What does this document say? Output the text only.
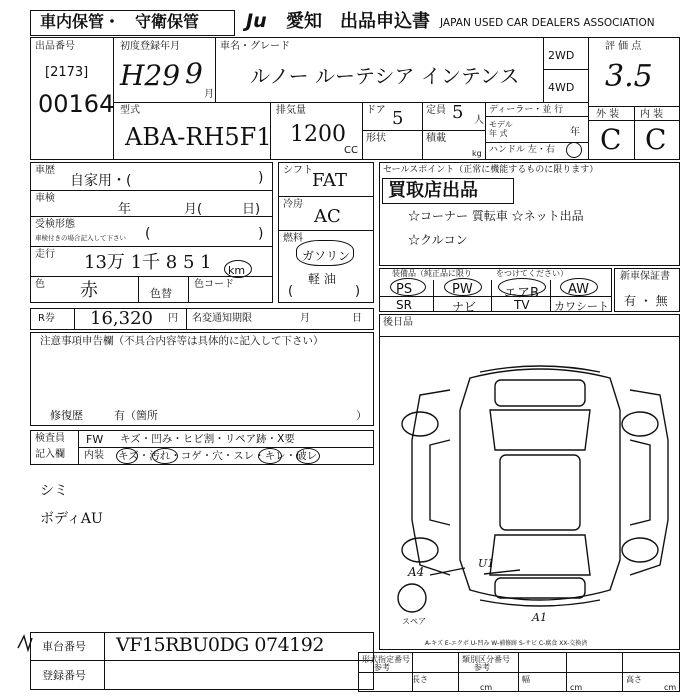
車内保管・ 守衛保管 Ju 愛知 出品申込書 JAPAN USED CAR DEALERS ASSOCIATION
出品番号
[2173]
00164
初度登録年月
H29 9
月
車名・グレード
ルノー ルーテシア インテンス
2WD
4WD
評 価 点
3.5
外 装 内 装
C C
型式
ABA-RH5F1
排気量
1200
CC
ドア 5
形状
定員 5 人
積載
kg
ディーラー・並 行
モデル
年 式	年
ハンドル 左・右
車歴
自家用・(	)
車検
年	月(	日)
受検形態
車検付きの場合記入して下さい (	)
走行 13万 1千 8 5 1 km
色 赤	色替
色コード
シフト FAT
冷房
AC
燃料
ガソリン
軽 油
(	)
セールスポイント（正常に機能するものに限ります）
買取店出品
☆コーナー 質転車 ☆ネット出品
☆クルコン
装備品（純正品に限り	をつけてください）
PS	PW エアB AW
SR	ナビ	TV カワシート
新車保証書
有 ・ 無
R券 16,320 円 名変通知期限	月	日
注意事項申告欄（不具合内容等は具体的に記入して下さい）
修復歴	有（箇所	）
後日品
A4
U1
A1
スペア
A-キズ E-エクボ U-凹み W-補修跡 S-サビ C-腐食 XX-交換済
検査員
記入欄
FW キズ・凹み・ヒビ割・リペア跡・X要
内装 キズ・汚れ・コゲ・穴・スレ・キレ・破レ
シミ
ボディAU
車台番号 VF15RBU0DG 074192
登録番号
形式指定番号
参考
類別区分番号
参考
長さ
cm
幅
cm
高さ
cm
